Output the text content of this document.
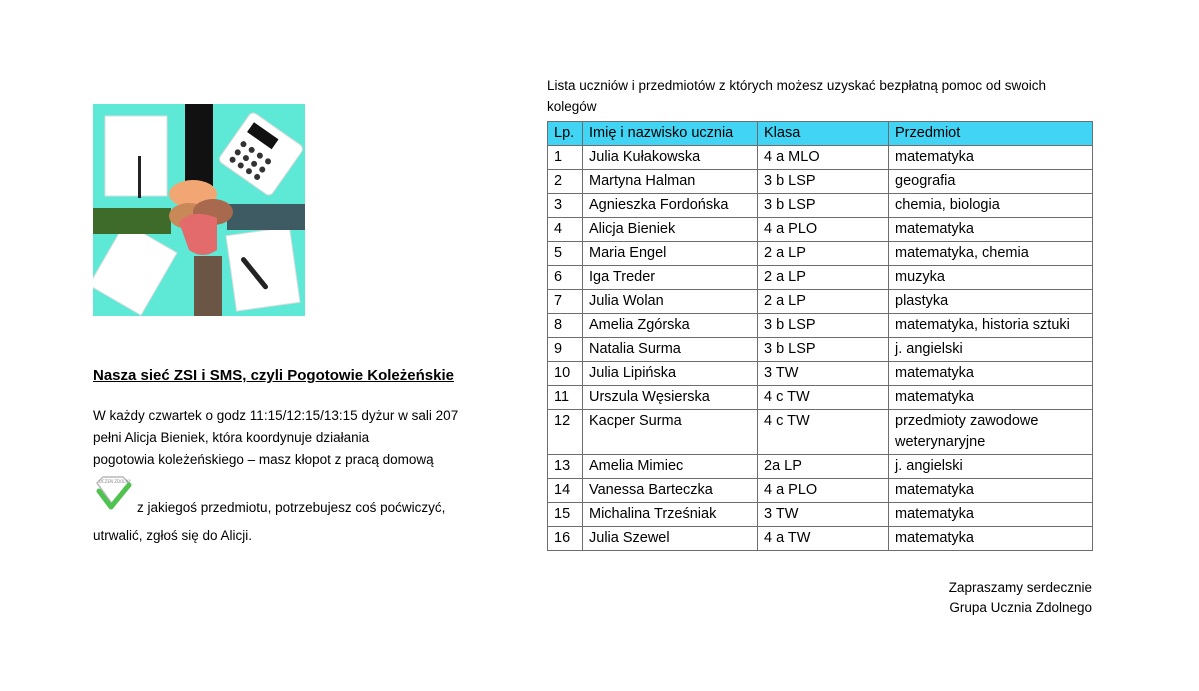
Nasza sieć ZSI i SMS, czyli Pogotowie Koleżeńskie

W każdy czwartek o godz 11:15/12:15/13:15 dyżur w sali 207
pełni Alicja Bieniek, która koordynuje działania
pogotowia koleżeńskiego – masz kłopot z pracą domową

UCZEŃ ZDOLNY

z jakiegoś przedmiotu, potrzebujesz coś poćwiczyć,

utrwalić, zgłoś się do Alicji.

Lista uczniów i przedmiotów z których możesz uzyskać bezpłatną pomoc od swoich kolegów

Lp.	Imię i nazwisko ucznia	Klasa	Przedmiot
1	Julia Kułakowska	4 a MLO	matematyka
2	Martyna Halman	3 b LSP	geografia
3	Agnieszka Fordońska	3 b LSP	chemia, biologia
4	Alicja Bieniek	4 a PLO	matematyka
5	Maria Engel	2 a LP	matematyka, chemia
6	Iga Treder	2 a LP	muzyka
7	Julia Wolan	2 a LP	plastyka
8	Amelia Zgórska	3 b LSP	matematyka, historia sztuki
9	Natalia Surma	3 b LSP	j. angielski
10	Julia Lipińska	3 TW	matematyka
11	Urszula Węsierska	4 c TW	matematyka
12	Kacper Surma	4 c TW	przedmioty zawodowe weterynaryjne
13	Amelia Mimiec	2a LP	j. angielski
14	Vanessa Barteczka	4 a PLO	matematyka
15	Michalina Trześniak	3 TW	matematyka
16	Julia Szewel	4 a TW	matematyka
Zapraszamy serdecznie
Grupa Ucznia Zdolnego
